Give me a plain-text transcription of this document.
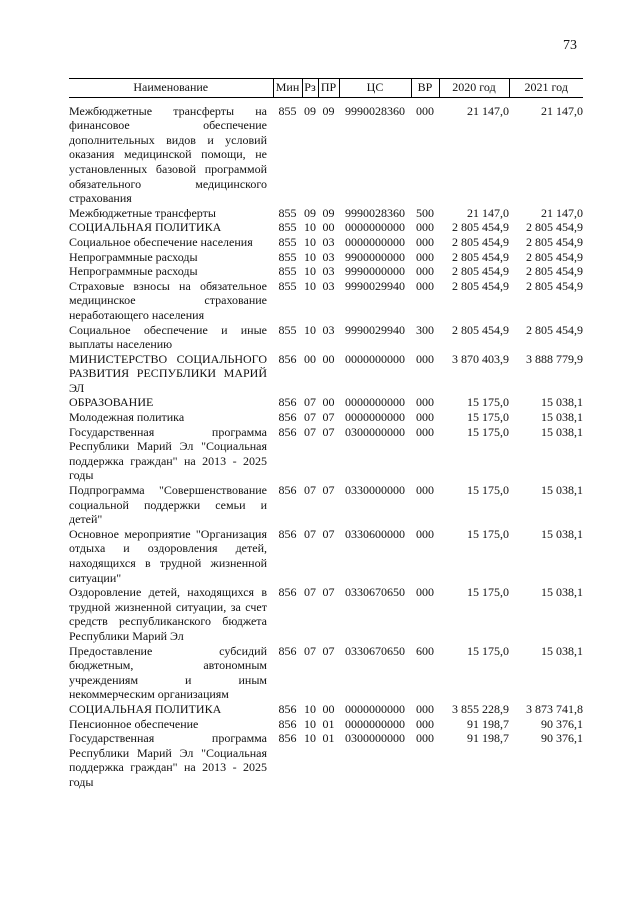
73
Наименование	Мин	Рз	ПР	ЦС	ВР	2020 год	2021 год
Межбюджетные трансферты на финансовое обеспечение дополнительных видов и условий оказания медицинской помощи, не установленных базовой программой обязательного медицинского страхования	855	09	09	9990028360	000	21 147,0	21 147,0
Межбюджетные трансферты	855	09	09	9990028360	500	21 147,0	21 147,0
СОЦИАЛЬНАЯ ПОЛИТИКА	855	10	00	0000000000	000	2 805 454,9	2 805 454,9
Социальное обеспечение населения	855	10	03	0000000000	000	2 805 454,9	2 805 454,9
Непрограммные расходы	855	10	03	9900000000	000	2 805 454,9	2 805 454,9
Непрограммные расходы	855	10	03	9990000000	000	2 805 454,9	2 805 454,9
Страховые взносы на обязательное медицинское страхование неработающего населения	855	10	03	9990029940	000	2 805 454,9	2 805 454,9
Социальное обеспечение и иные выплаты населению	855	10	03	9990029940	300	2 805 454,9	2 805 454,9
МИНИСТЕРСТВО СОЦИАЛЬНОГО РАЗВИТИЯ РЕСПУБЛИКИ МАРИЙ ЭЛ	856	00	00	0000000000	000	3 870 403,9	3 888 779,9
ОБРАЗОВАНИЕ	856	07	00	0000000000	000	15 175,0	15 038,1
Молодежная политика	856	07	07	0000000000	000	15 175,0	15 038,1
Государственная программа Республики Марий Эл "Социальная поддержка граждан" на 2013 - 2025 годы	856	07	07	0300000000	000	15 175,0	15 038,1
Подпрограмма "Совершенствование социальной поддержки семьи и детей"	856	07	07	0330000000	000	15 175,0	15 038,1
Основное мероприятие "Организация отдыха и оздоровления детей, находящихся в трудной жизненной ситуации"	856	07	07	0330600000	000	15 175,0	15 038,1
Оздоровление детей, находящихся в трудной жизненной ситуации, за счет средств республиканского бюджета Республики Марий Эл	856	07	07	0330670650	000	15 175,0	15 038,1
Предоставление субсидий бюджетным, автономным учреждениям и иным некоммерческим организациям	856	07	07	0330670650	600	15 175,0	15 038,1
СОЦИАЛЬНАЯ ПОЛИТИКА	856	10	00	0000000000	000	3 855 228,9	3 873 741,8
Пенсионное обеспечение	856	10	01	0000000000	000	91 198,7	90 376,1
Государственная программа Республики Марий Эл "Социальная поддержка граждан" на 2013 - 2025 годы	856	10	01	0300000000	000	91 198,7	90 376,1
